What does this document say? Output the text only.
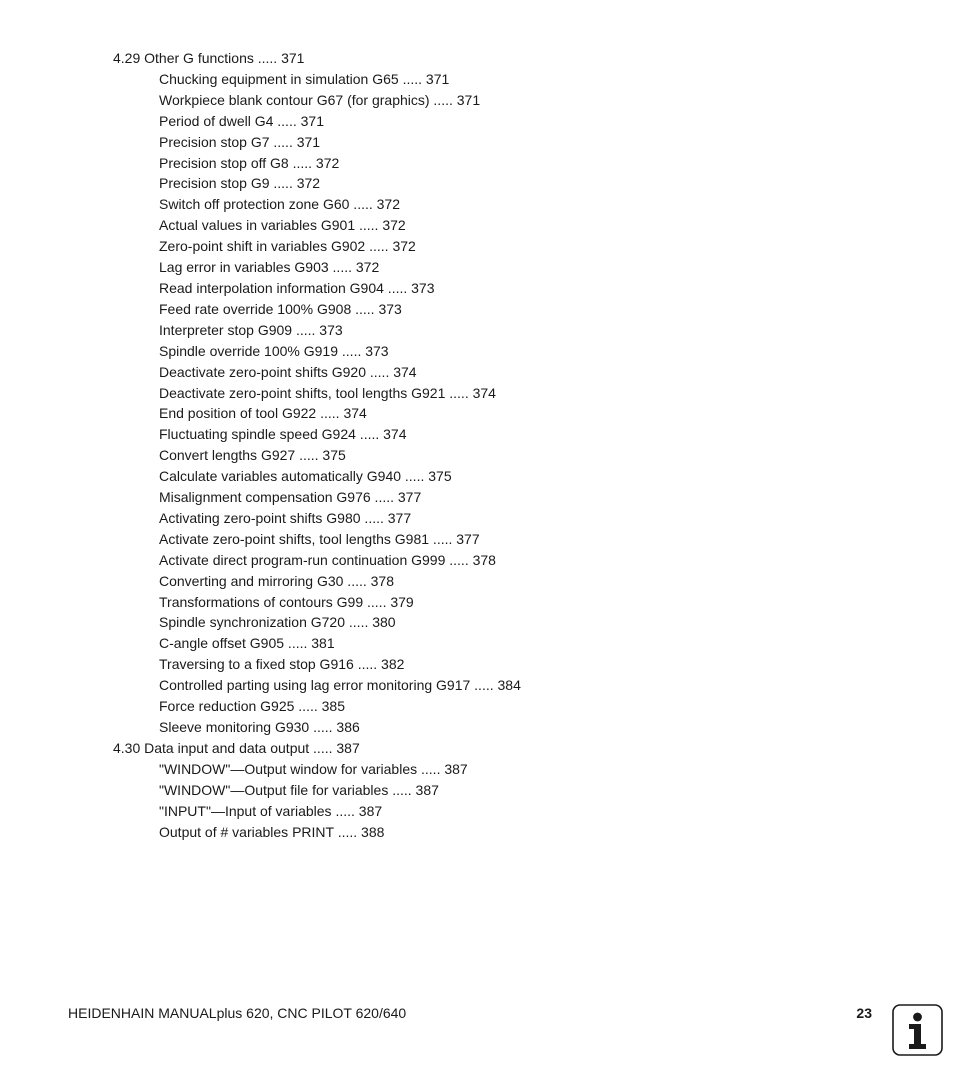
4.29 Other G functions ..... 371
Chucking equipment in simulation G65 ..... 371
Workpiece blank contour G67 (for graphics) ..... 371
Period of dwell G4 ..... 371
Precision stop G7 ..... 371
Precision stop off G8 ..... 372
Precision stop G9 ..... 372
Switch off protection zone G60 ..... 372
Actual values in variables G901 ..... 372
Zero-point shift in variables G902 ..... 372
Lag error in variables G903 ..... 372
Read interpolation information G904 ..... 373
Feed rate override 100% G908 ..... 373
Interpreter stop G909 ..... 373
Spindle override 100% G919 ..... 373
Deactivate zero-point shifts G920 ..... 374
Deactivate zero-point shifts, tool lengths G921 ..... 374
End position of tool G922 ..... 374
Fluctuating spindle speed G924 ..... 374
Convert lengths G927 ..... 375
Calculate variables automatically G940 ..... 375
Misalignment compensation G976 ..... 377
Activating zero-point shifts G980 ..... 377
Activate zero-point shifts, tool lengths G981 ..... 377
Activate direct program-run continuation G999 ..... 378
Converting and mirroring G30 ..... 378
Transformations of contours G99 ..... 379
Spindle synchronization G720 ..... 380
C-angle offset G905 ..... 381
Traversing to a fixed stop G916 ..... 382
Controlled parting using lag error monitoring G917 ..... 384
Force reduction G925 ..... 385
Sleeve monitoring G930 ..... 386
4.30 Data input and data output ..... 387
"WINDOW"—Output window for variables ..... 387
"WINDOW"—Output file for variables ..... 387
"INPUT"—Input of variables ..... 387
Output of # variables PRINT ..... 388
HEIDENHAIN MANUALplus 620, CNC PILOT 620/640	23
